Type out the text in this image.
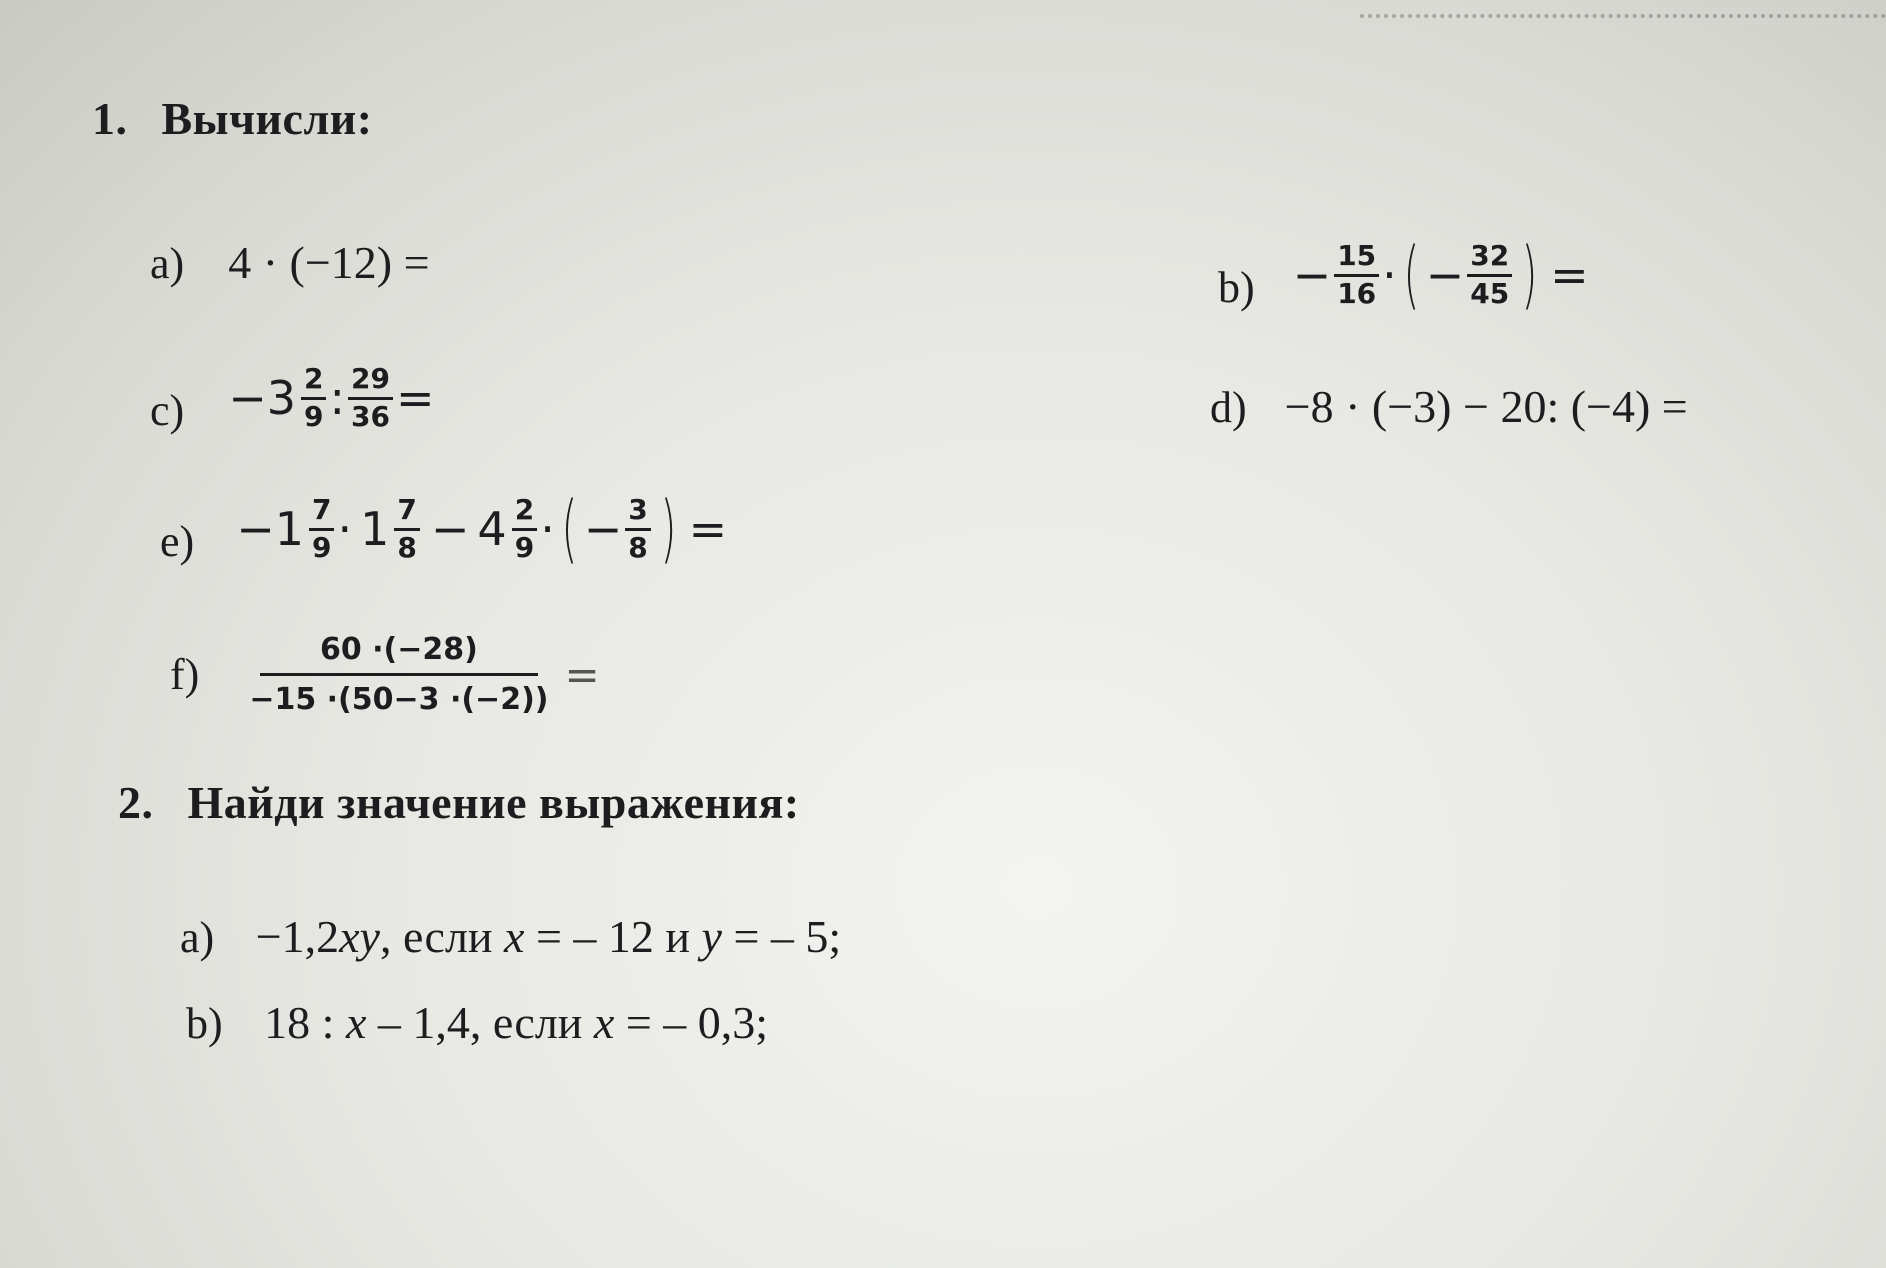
1. Вычисли:
a) 4 · (−12) =	$b) - \frac{15}{16}$ · ( − $\frac{32}{45}$ ) =
$c) -3 \frac{2}{9}$ : $\frac{29}{36}$ =	d) −8 · (−3) − 20: (−4) =
$e) -1 \frac{7}{9} \cdot 1 \frac{7}{8} - 4 \frac{2}{9}$ · ( − $\frac{3}{8}$ ) =
$f) \frac{60 \cdot(-28)}{-15 \cdot(50-3 \cdot(-2))}$ =
2. Найди значение выражения:
a) −1,2xy, если x = – 12 и y = – 5;
b) 18 : x – 1,4, если x = – 0,3;
